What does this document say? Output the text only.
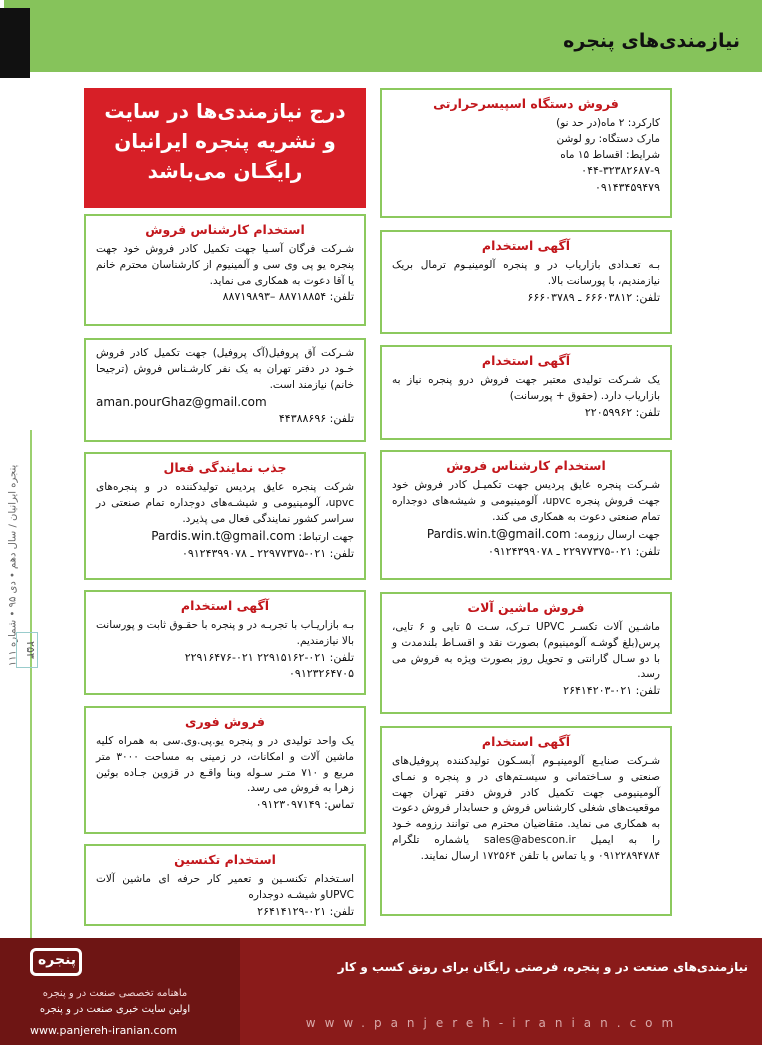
نیازمندی‌های پنجره
پنجره ایرانیان / سال دهم • دی ۹۵ • شماره ۱۱۱
۲۵۳
درج نیازمندی‌ها در سایت
و نشریه پنجره ایرانیان
رایگـان می‌باشد
فروش دستگاه اسپیسرحرارتی
کارکرد: ۲ ماه(در حد نو)
مارک دستگاه: رو لوشن
شرایط: اقساط ۱۵ ماه
۰۴۴-۳۲۳۸۲۶۸۷-۹
۰۹۱۴۳۴۵۹۴۷۹
آگهی استخدام
بـه تعـدادی بازاریاب در و پنجره آلومینیـوم ترمال بریک نیازمندیم، با پورسانت بالا.
تلفن: ۶۶۶۰۳۸۱۲ ـ ۶۶۶۰۳۷۸۹
آگهی استخدام
یک شـرکت تولیدی معتبر جهت فروش درو پنجره نیاز به بازاریاب دارد. (حقوق + پورسانت)
تلفن: ۲۲۰۵۹۹۶۲
استخدام کارشناس فروش
شـرکت پنجره عایق پردیس جهت تکمیـل کادر فروش خود جهت فروش پنجره upvc، آلومینیومی و شیشه‌های دوجداره تمام صنعتی دعوت به همکاری می کند.
جهت ارسال رزومه: Pardis.win.t@gmail.com
تلفن: ۰۲۱-۲۲۹۷۷۳۷۵ ـ ۰۹۱۲۴۳۹۹۰۷۸
فروش ماشین آلات
ماشـین آلات تکسـر UPVC تـرک، سـت ۵ تایی و ۶ تایی، پرس(بلغ گوشـه آلومینیوم) بصورت نقد و اقسـاط بلندمدت و با دو سـال گارانتی و تحویل روز بصورت ویژه به فروش می رسد.
تلفن: ۰۲۱-۲۶۴۱۴۲۰۳
آگهی استخدام
شـرکت صنایـع آلومینیـوم آبسـکون تولیدکننده پروفیل‌های صنعتی و سـاختمانی و سیسـتم‌های در و پنجره و نمـای آلومینیومی جهت تکمیل کادر فروش دفتر تهران جهت موقعیت‌های شغلی کارشناس فروش و حسابدار فروش دعوت به همکاری می نماید. متقاضیان محترم می توانند رزومه خـود را به ایمیل sales@abescon.ir یاشماره تلگرام ۰۹۱۲۲۸۹۴۷۸۴ و یا تماس با تلفن ۱۷۲۵۶۴ ارسال نمایند.
استخدام کارشناس فروش
شـرکت فرگان آسـیا جهت تکمیل کادر فروش خود جهت پنجره یو پی وی سی و آلمینیوم از کارشناسان محترم خانم یا آقا دعوت به همکاری می نماید.
تلفن: ۸۸۷۱۸۸۵۴ –۸۸۷۱۹۸۹۳
شـرکت آق پروفیل(آک پروفیل) جهت تکمیل کادر فروش خـود در دفتر تهران به یک نفر کارشـناس فروش (ترجیحا خانم) نیازمند است.
aman.pourGhaz@gmail.com
تلفن: ۴۴۳۸۸۶۹۶
جذب نمایندگی فعال
شرکت پنجره عایق پردیس تولیدکننده در و پنجره‌های upvc، آلومینیومی و شیشـه‌های دوجداره تمام صنعتی در سراسر کشور نمایندگی فعال می پذیرد.
جهت ارتباط: Pardis.win.t@gmail.com
تلفن: ۰۲۱-۲۲۹۷۷۳۷۵ ـ ۰۹۱۲۴۳۹۹۰۷۸
آگهی استخدام
بـه بازاریـاب با تجربـه در و پنجره با حقـوق ثابت و پورسانت بالا نیازمندیم.
تلفن: ۰۲۱-۲۲۹۱۵۱۶۲ ۰۲۱-۲۲۹۱۶۴۷۶
۰۹۱۲۳۲۶۴۷۰۵
فروش فوری
یک واحد تولیدی در و پنجره یو.پی.وی.سی به همراه کلیه ماشین آلات و امکانات، در زمینی به مساحت ۳۰۰۰ متر مربع و ۷۱۰ متـر سـوله وبنا واقـع در قزوین جـاده بوئین زهرا به فروش می رسد.
تماس: ۰۹۱۲۳۰۹۷۱۴۹
استخدام تکنسین
اسـتخدام تکنسـین و تعمیر کار حرفه ای ماشین آلات UPVCو شیشـه دوجداره
تلفن: ۰۲۱-۲۶۴۱۴۱۲۹
پنجره
ماهنامه تخصصی صنعت در و پنجره
اولین سایت خبری صنعت در و پنجره
www.panjereh-iranian.com
نیازمندی‌های صنعت در و پنجره، فرصتی رایگان برای رونق کسب و کار
www.panjereh-iranian.com
